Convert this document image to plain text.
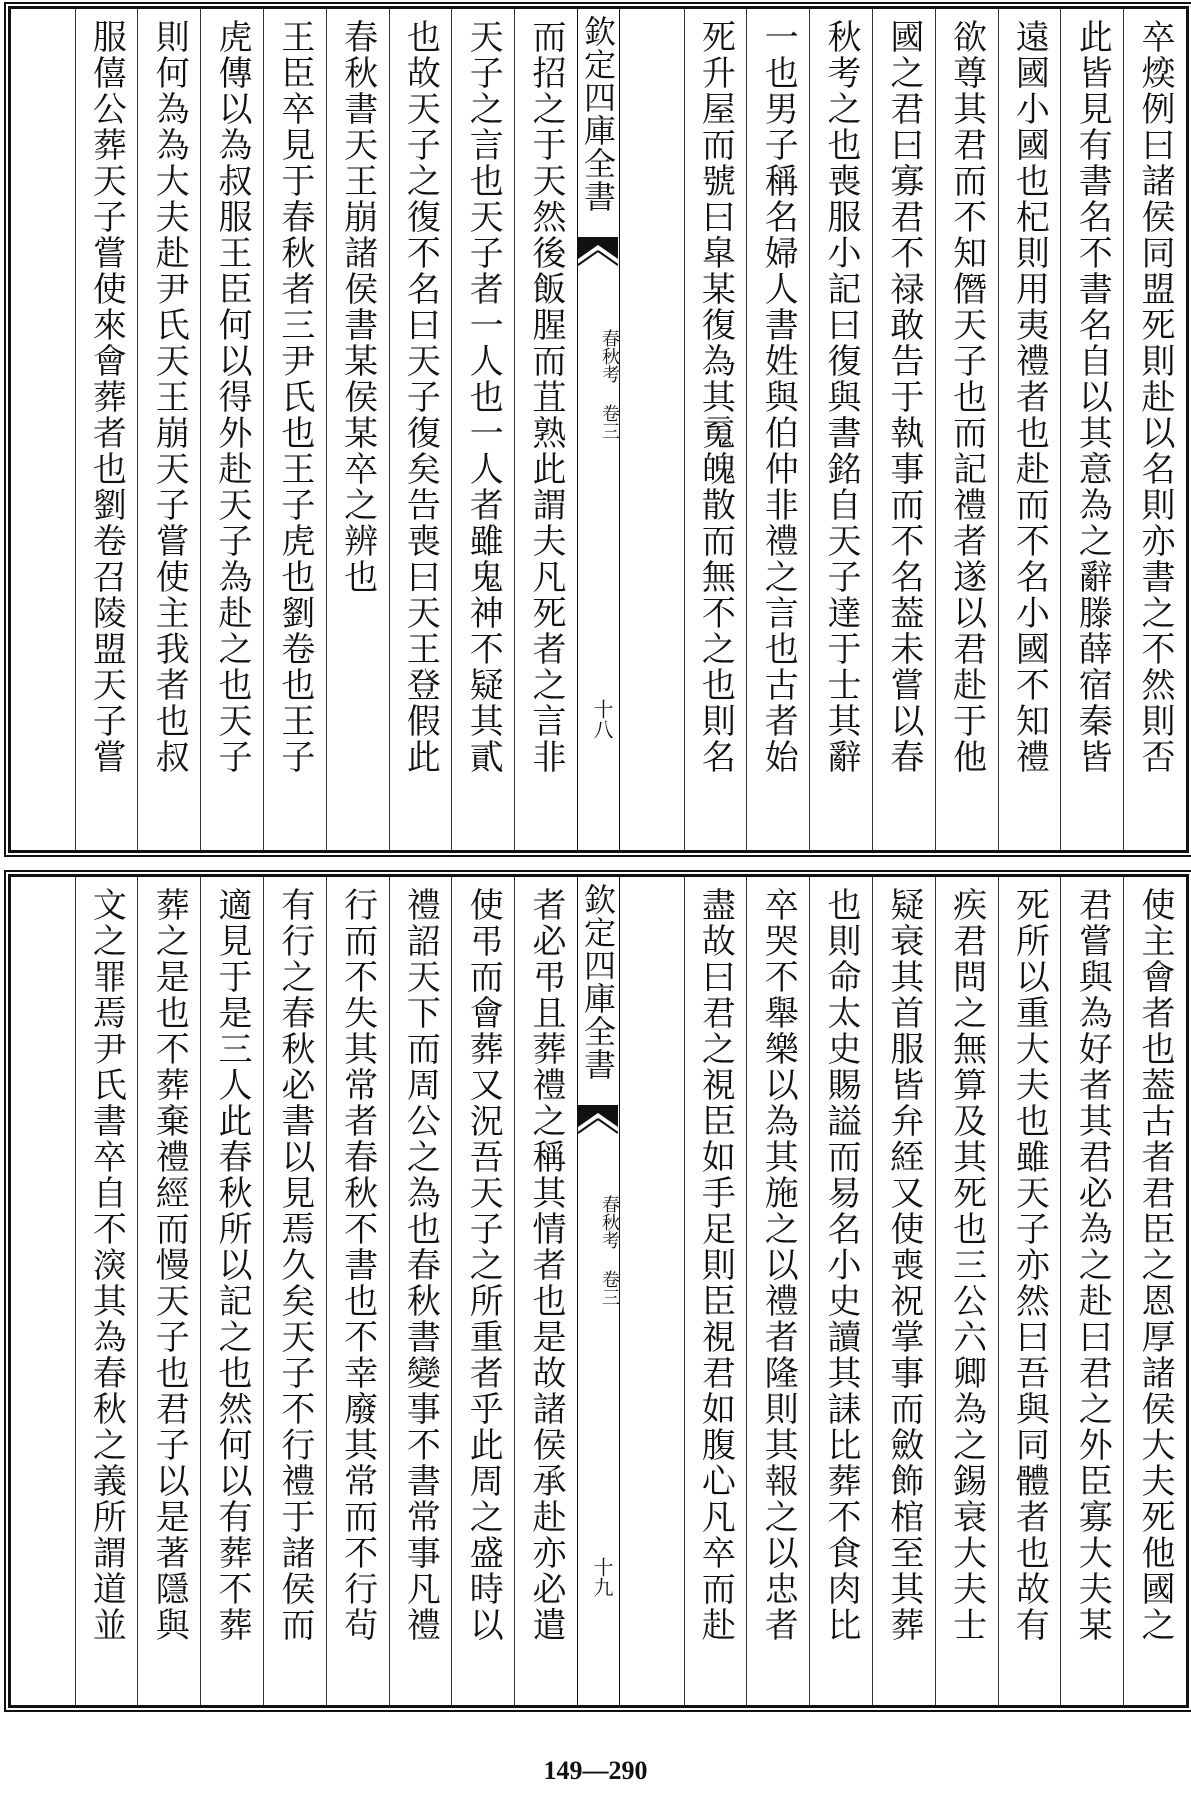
卒㷜例曰諸侯同盟死則赴以名則亦書之不然則否
此皆見有書名不書名自以其意為之辭滕薛宿秦皆
遠國小國也杞則用夷禮者也赴而不名小國不知禮
欲尊其君而不知僭天子也而記禮者遂以君赴于他
國之君曰寡君不禄敢告于執事而不名葢未嘗以春
秋考之也喪服小記曰復與書銘自天子達于士其辭
一也男子稱名婦人書姓與伯仲非禮之言也古者始
死升屋而號曰皐某復為其䰟魄散而無不之也則名
欽定四庫全書
春秋考 卷三
十八
而招之于天然後飯腥而苴熟此謂夫凡死者之言非
天子之言也天子者一人也一人者雖鬼神不疑其貳
也故天子之復不名曰天子復矣告喪曰天王登假此
春秋書天王崩諸侯書某侯某卒之辨也
王臣卒見于春秋者三尹氏也王子虎也劉卷也王子
虎傳以為叔服王臣何以得外赴天子為赴之也天子
則何為為大夫赴尹氏天王崩天子嘗使主我者也叔
服僖公葬天子嘗使來會葬者也劉卷召陵盟天子嘗
使主會者也葢古者君臣之恩厚諸侯大夫死他國之
君嘗與為好者其君必為之赴曰君之外臣寡大夫某
死所以重大夫也雖天子亦然曰吾與同體者也故有
疾君問之無算及其死也三公六卿為之錫衰大夫士
疑衰其首服皆弁絰又使喪祝掌事而斂飾棺至其葬
也則命太史賜謚而易名小史讀其誄比葬不食肉比
卒哭不舉樂以為其施之以禮者隆則其報之以忠者
盡故曰君之視臣如手足則臣視君如腹心凡卒而赴
欽定四庫全書
春秋考 卷三
十九
者必弔且葬禮之稱其情者也是故諸侯承赴亦必遣
使弔而會葬又況吾天子之所重者乎此周之盛時以
禮詔天下而周公之為也春秋書變事不書常事凡禮
行而不失其常者春秋不書也不幸廢其常而不行茍
有行之春秋必書以見焉久矣天子不行禮于諸侯而
適見于是三人此春秋所以記之也然何以有葬不葬
葬之是也不葬棄禮經而慢天子也君子以是著隱與
文之罪焉尹氏書卒自不㴱其為春秋之義所謂道並
149—290
